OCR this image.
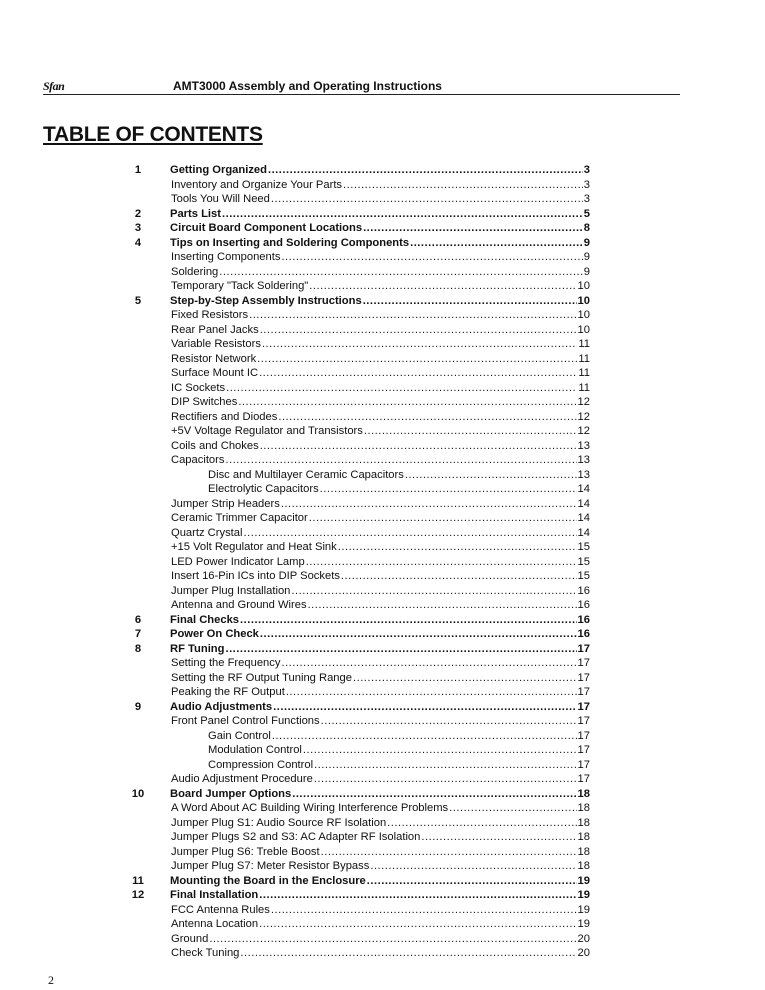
Sfan	AMT3000 Assembly and Operating Instructions
TABLE OF CONTENTS
1	Getting Organized .....	3
Inventory and Organize Your Parts .....	3
Tools You Will Need .....	3
2	Parts List .....	5
3	Circuit Board Component Locations .....	8
4	Tips on Inserting and Soldering Components .....	9
Inserting Components .....	9
Soldering .....	9
Temporary "Tack Soldering" .....	10
5	Step-by-Step Assembly Instructions .....	10
Fixed Resistors .....	10
Rear Panel Jacks .....	10
Variable Resistors .....	11
Resistor Network .....	11
Surface Mount IC .....	11
IC Sockets .....	11
DIP Switches .....	12
Rectifiers and Diodes .....	12
+5V Voltage Regulator and Transistors .....	12
Coils and Chokes .....	13
Capacitors .....	13
Disc and Multilayer Ceramic Capacitors .....	13
Electrolytic Capacitors .....	14
Jumper Strip Headers .....	14
Ceramic Trimmer Capacitor .....	14
Quartz Crystal .....	14
+15 Volt Regulator and Heat Sink .....	15
LED Power Indicator Lamp .....	15
Insert 16-Pin ICs into DIP Sockets .....	15
Jumper Plug Installation .....	16
Antenna and Ground Wires .....	16
6	Final Checks .....	16
7	Power On Check .....	16
8	RF Tuning .....	17
Setting the Frequency .....	17
Setting the RF Output Tuning Range .....	17
Peaking the RF Output .....	17
9	Audio Adjustments .....	17
Front Panel Control Functions .....	17
Gain Control .....	17
Modulation Control .....	17
Compression Control .....	17
Audio Adjustment Procedure .....	17
10	Board Jumper Options .....	18
A Word About AC Building Wiring Interference Problems .....	18
Jumper Plug S1: Audio Source RF Isolation .....	18
Jumper Plugs S2 and S3: AC Adapter RF Isolation .....	18
Jumper Plug S6: Treble Boost .....	18
Jumper Plug S7: Meter Resistor Bypass .....	18
11	Mounting the Board in the Enclosure .....	19
12	Final Installation .....	19
FCC Antenna Rules .....	19
Antenna Location .....	19
Ground .....	20
Check Tuning .....	20
2
